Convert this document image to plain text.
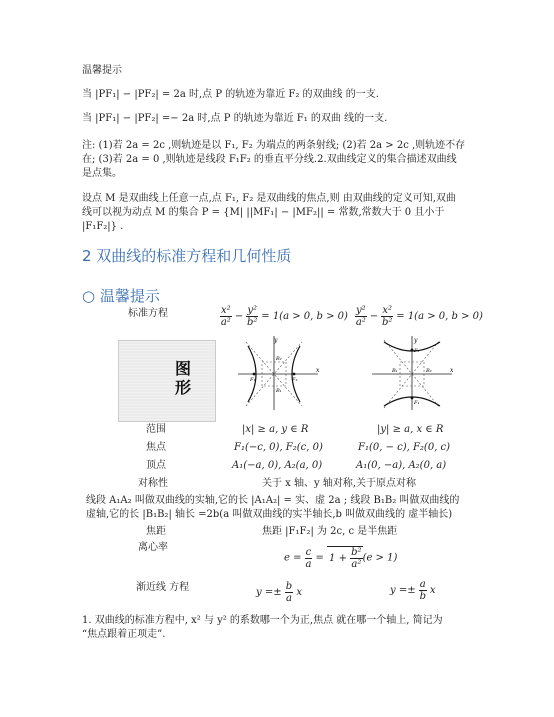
温馨提示
当 |PF₁| − |PF₂| = 2a 时,点 P 的轨迹为靠近 F₂ 的双曲线 的一支.
当 |PF₁| − |PF₂| =− 2a 时,点 P 的轨迹为靠近 F₁ 的双曲 线的一支.
注: (1)若 2a = 2c ,则轨迹是以 F₁, F₂ 为端点的两条射线; (2)若 2a > 2c ,则轨迹不存
在; (3)若 2a = 0 ,则轨迹是线段 F₁F₂ 的垂直平分线.2.双曲线定义的集合描述双曲线
是点集。
设点 M 是双曲线上任意一点,点 F₁, F₂ 是双曲线的焦点,则 由双曲线的定义可知,双曲
线可以视为动点 M 的集合 P = {M| ||MF₁| − |MF₂|| = 常数,常数大于 0 且小于
|F₁F₂|} .
2 双曲线的标准方程和几何性质
○ 温馨提示
标准方程	$\frac{\text{x²}}{\text{a²}} - \frac{\text{y²}}{\text{b²}} = 1(a > 0$, $b > 0) \frac{\text{y²}}{\text{a²}} - \frac{\text{x²}}{\text{b²}} = 1(a > 0$, b > 0)
图
形
y
x
F₁	F₂
B₂
B₁
y
x
F₂
F₁
B₁	B₂
范围	|x| ≥ a, y ∈ R	|y| ≥ a, x ∈ R
焦点	F₁(−c, 0), F₂(c, 0)	F₁(0, − c), F₂(0, c)
顶点	A₁(−a, 0), A₂(a, 0)	A₁(0, −a), A₂(0, a)
对称性	关于 x 轴、y 轴对称,关于原点对称
线段 A₁A₂ 叫做双曲线的实轴,它的长 |A₁A₂| = 实、虚 2a ; 线段 B₁B₂ 叫做双曲线的
虚轴,它的长 |B₁B₂| 轴长 =2b(a 叫做双曲线的实半轴长,b 叫做双曲线的 虚半轴长)
焦距	焦距 |F₁F₂| 为 2c, c 是半焦距
离心率
$e = \frac{c}{a} = 1 + \frac{\text{b²}}{\text{a²}} (e > 1)$
渐近线 方程	$y =\pm \frac{b}{a}$ x	$y =\pm \frac{a}{b}$ x
1. 双曲线的标准方程中, x² 与 y² 的系数哪一个为正,焦点 就在哪一个轴上, 简记为
“焦点跟着正项走”.
